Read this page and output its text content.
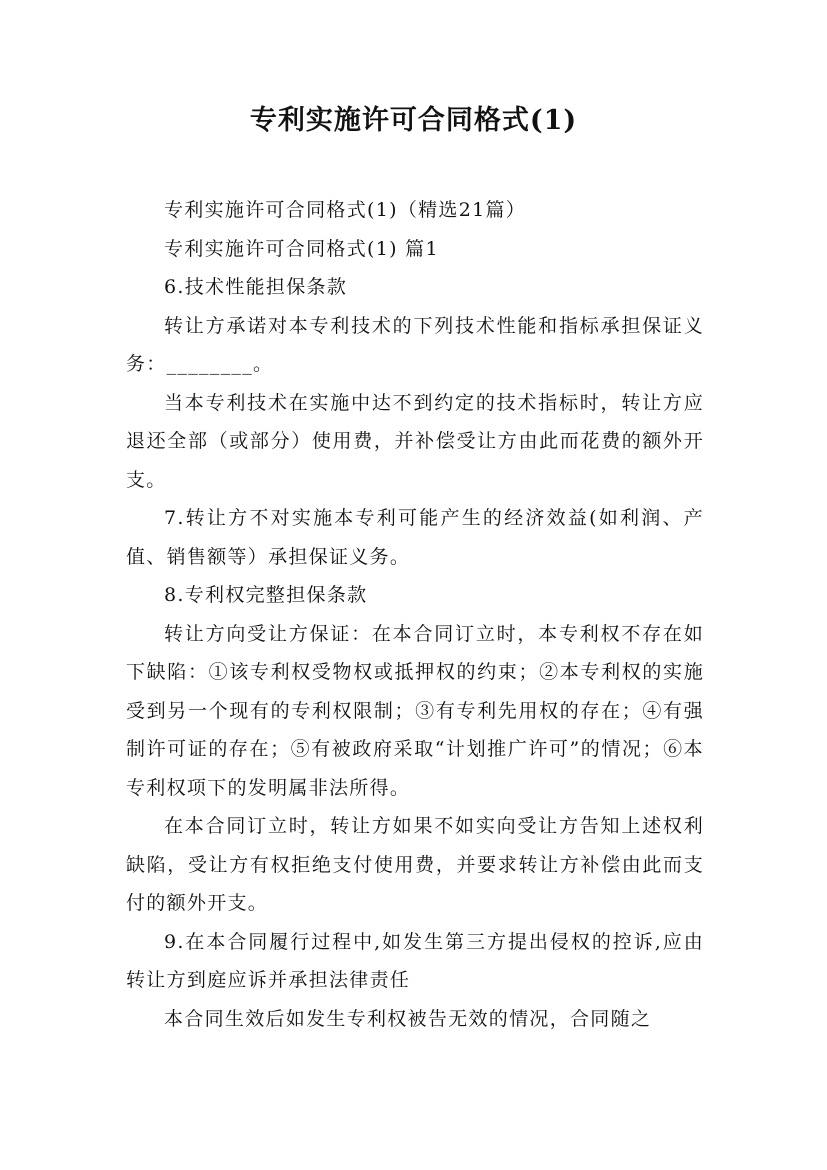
专利实施许可合同格式(1)

专利实施许可合同格式(1)（精选21篇）

专利实施许可合同格式(1) 篇1

6.技术性能担保条款

转让方承诺对本专利技术的下列技术性能和指标承担保证义务：________。

当本专利技术在实施中达不到约定的技术指标时，转让方应退还全部（或部分）使用费，并补偿受让方由此而花费的额外开支。

7.转让方不对实施本专利可能产生的经济效益(如利润、产值、销售额等）承担保证义务。

8.专利权完整担保条款

转让方向受让方保证：在本合同订立时，本专利权不存在如下缺陷：①该专利权受物权或抵押权的约束；②本专利权的实施受到另一个现有的专利权限制；③有专利先用权的存在；④有强制许可证的存在；⑤有被政府采取“计划推广许可”的情况；⑥本专利权项下的发明属非法所得。

在本合同订立时，转让方如果不如实向受让方告知上述权利缺陷，受让方有权拒绝支付使用费，并要求转让方补偿由此而支付的额外开支。

9.在本合同履行过程中,如发生第三方提出侵权的控诉,应由转让方到庭应诉并承担法律责任

本合同生效后如发生专利权被告无效的情况，合同随之
